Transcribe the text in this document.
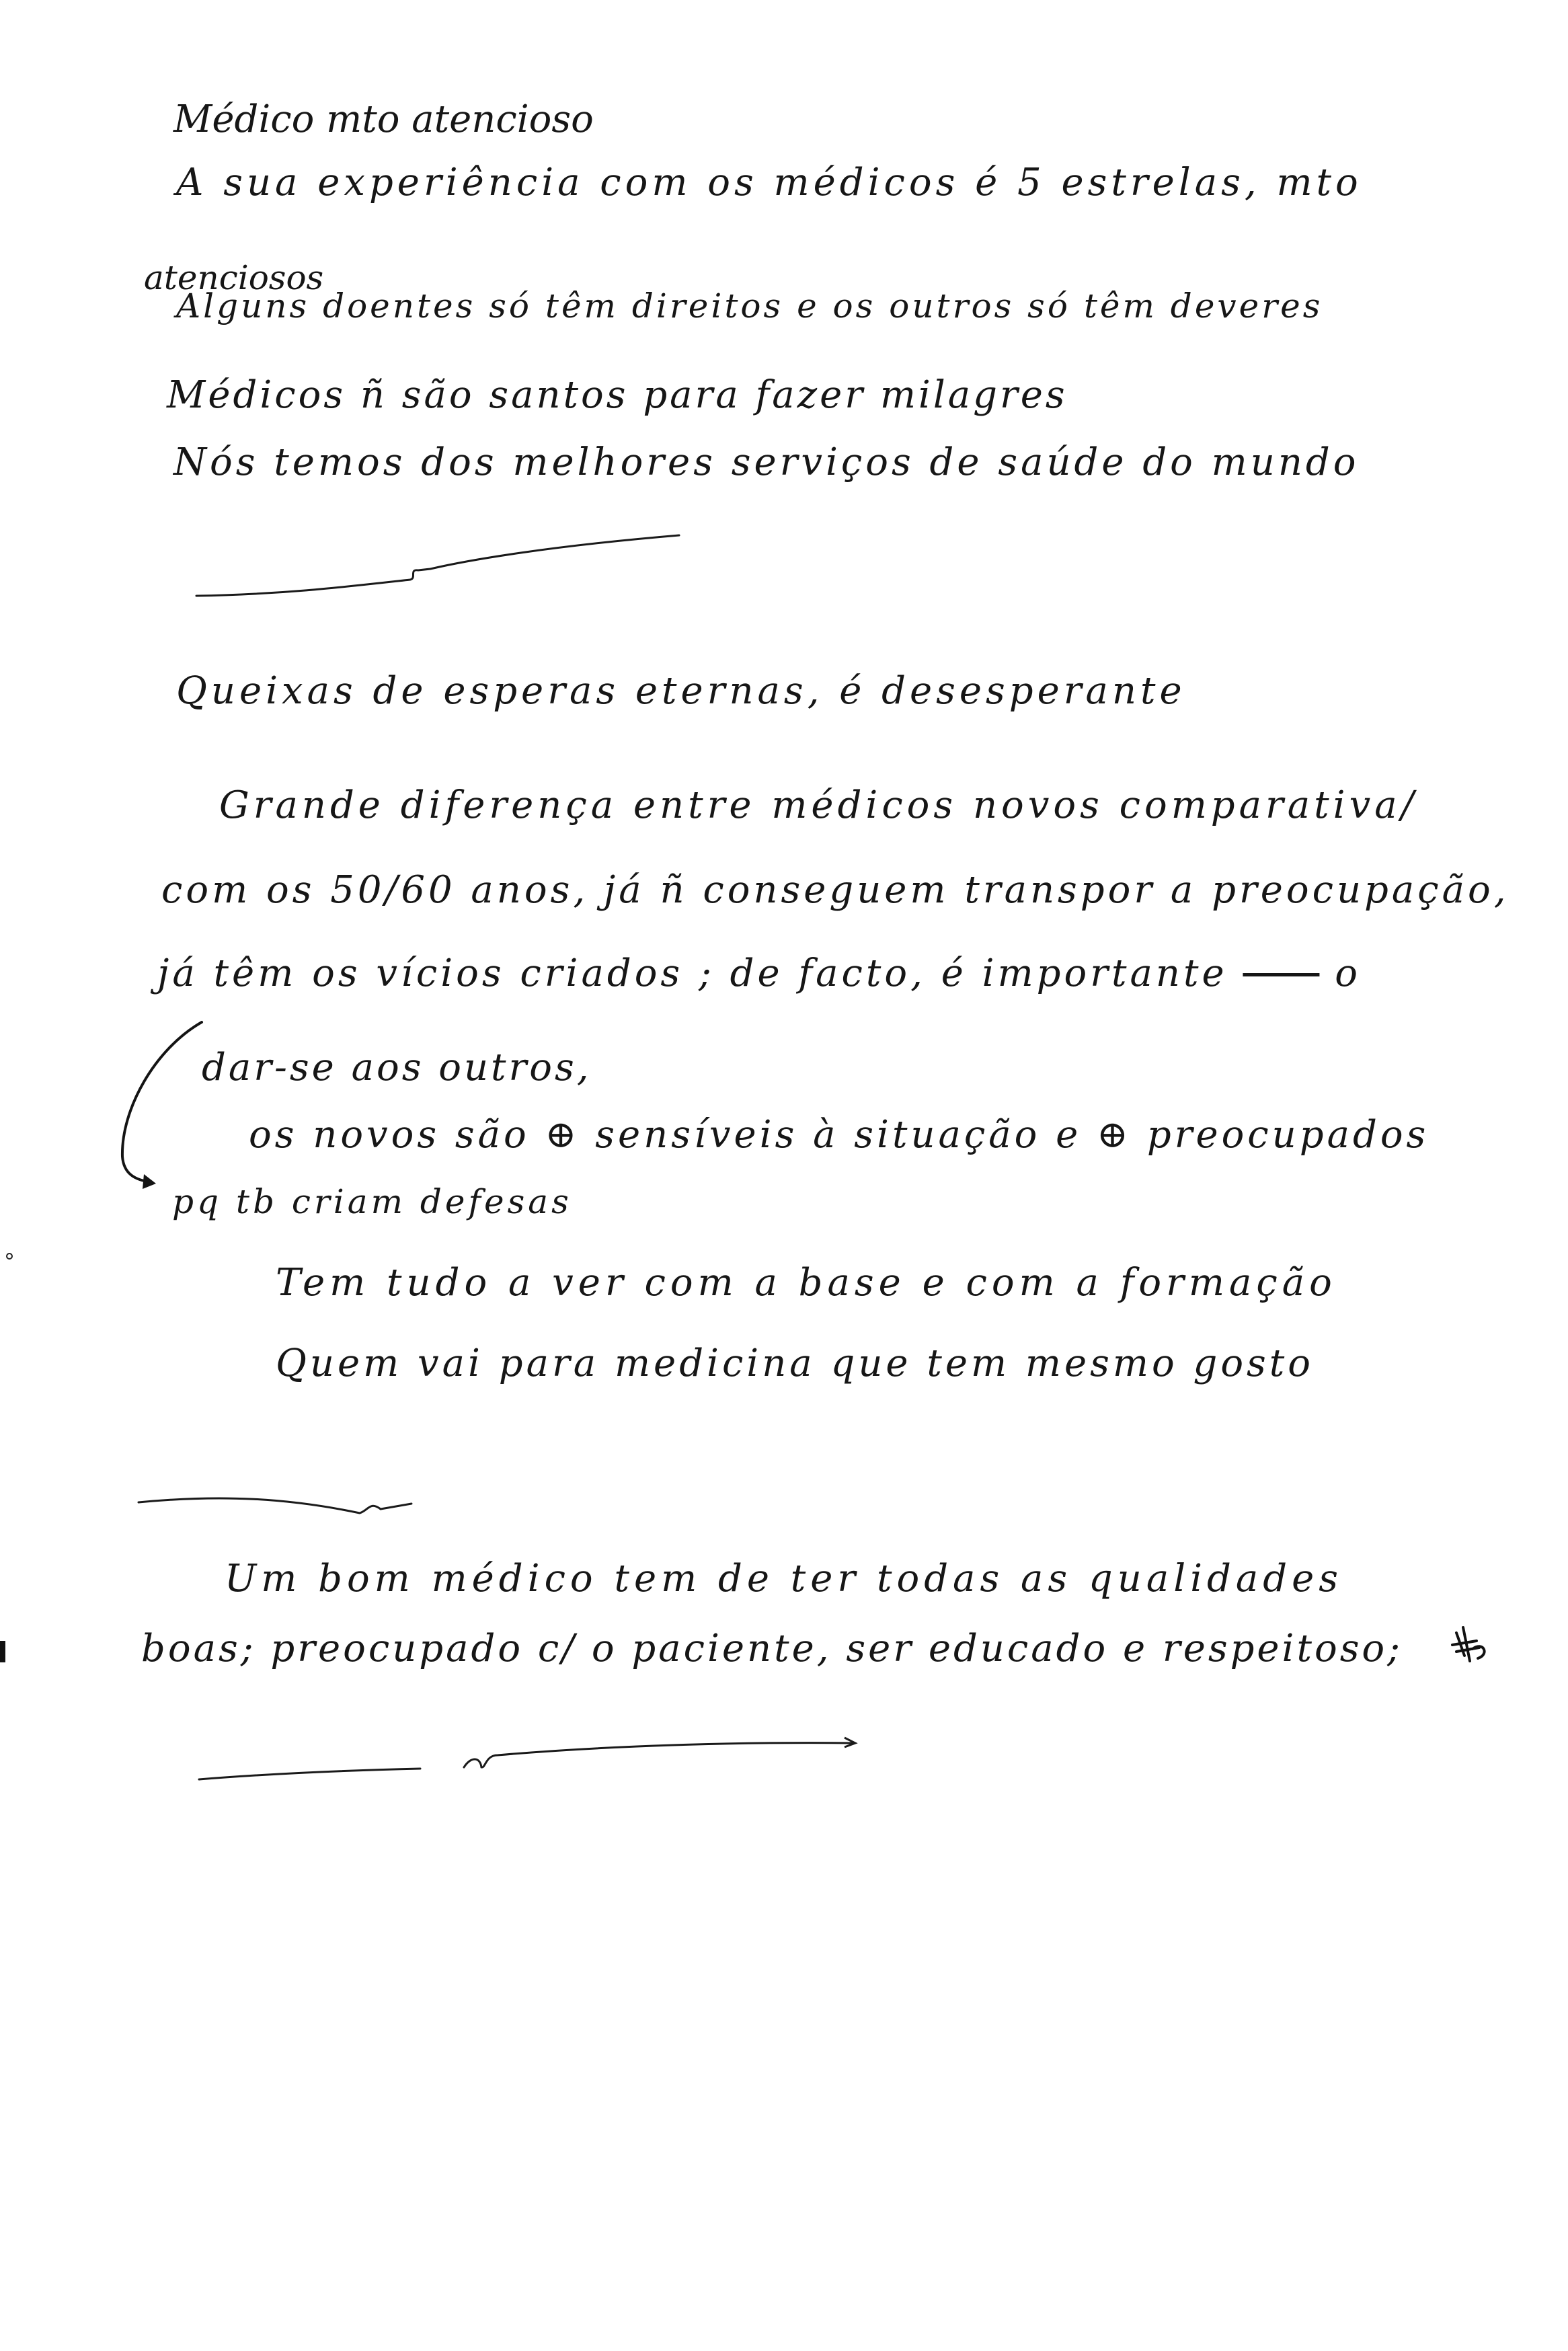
Médico mto atencioso
A sua experiência com os médicos é 5 estrelas, mto
atenciosos
Alguns doentes só têm direitos e os outros só têm deveres
Médicos ñ são santos para fazer milagres
Nós temos dos melhores serviços de saúde do mundo
Queixas de esperas eternas, é desesperante
Grande diferença entre médicos novos comparativa/
com os 50/60 anos, já ñ conseguem transpor a preocupação,
já têm os vícios criados ; de facto, é importante	o
dar-se aos outros,
os novos são ⊕ sensíveis à situação e ⊕ preocupados
pq tb criam defesas
Tem tudo a ver com a base e com a formação
Quem vai para medicina que tem mesmo gosto
Um bom médico tem de ter todas as qualidades
boas; preocupado c/ o paciente, ser educado e respeitoso;
